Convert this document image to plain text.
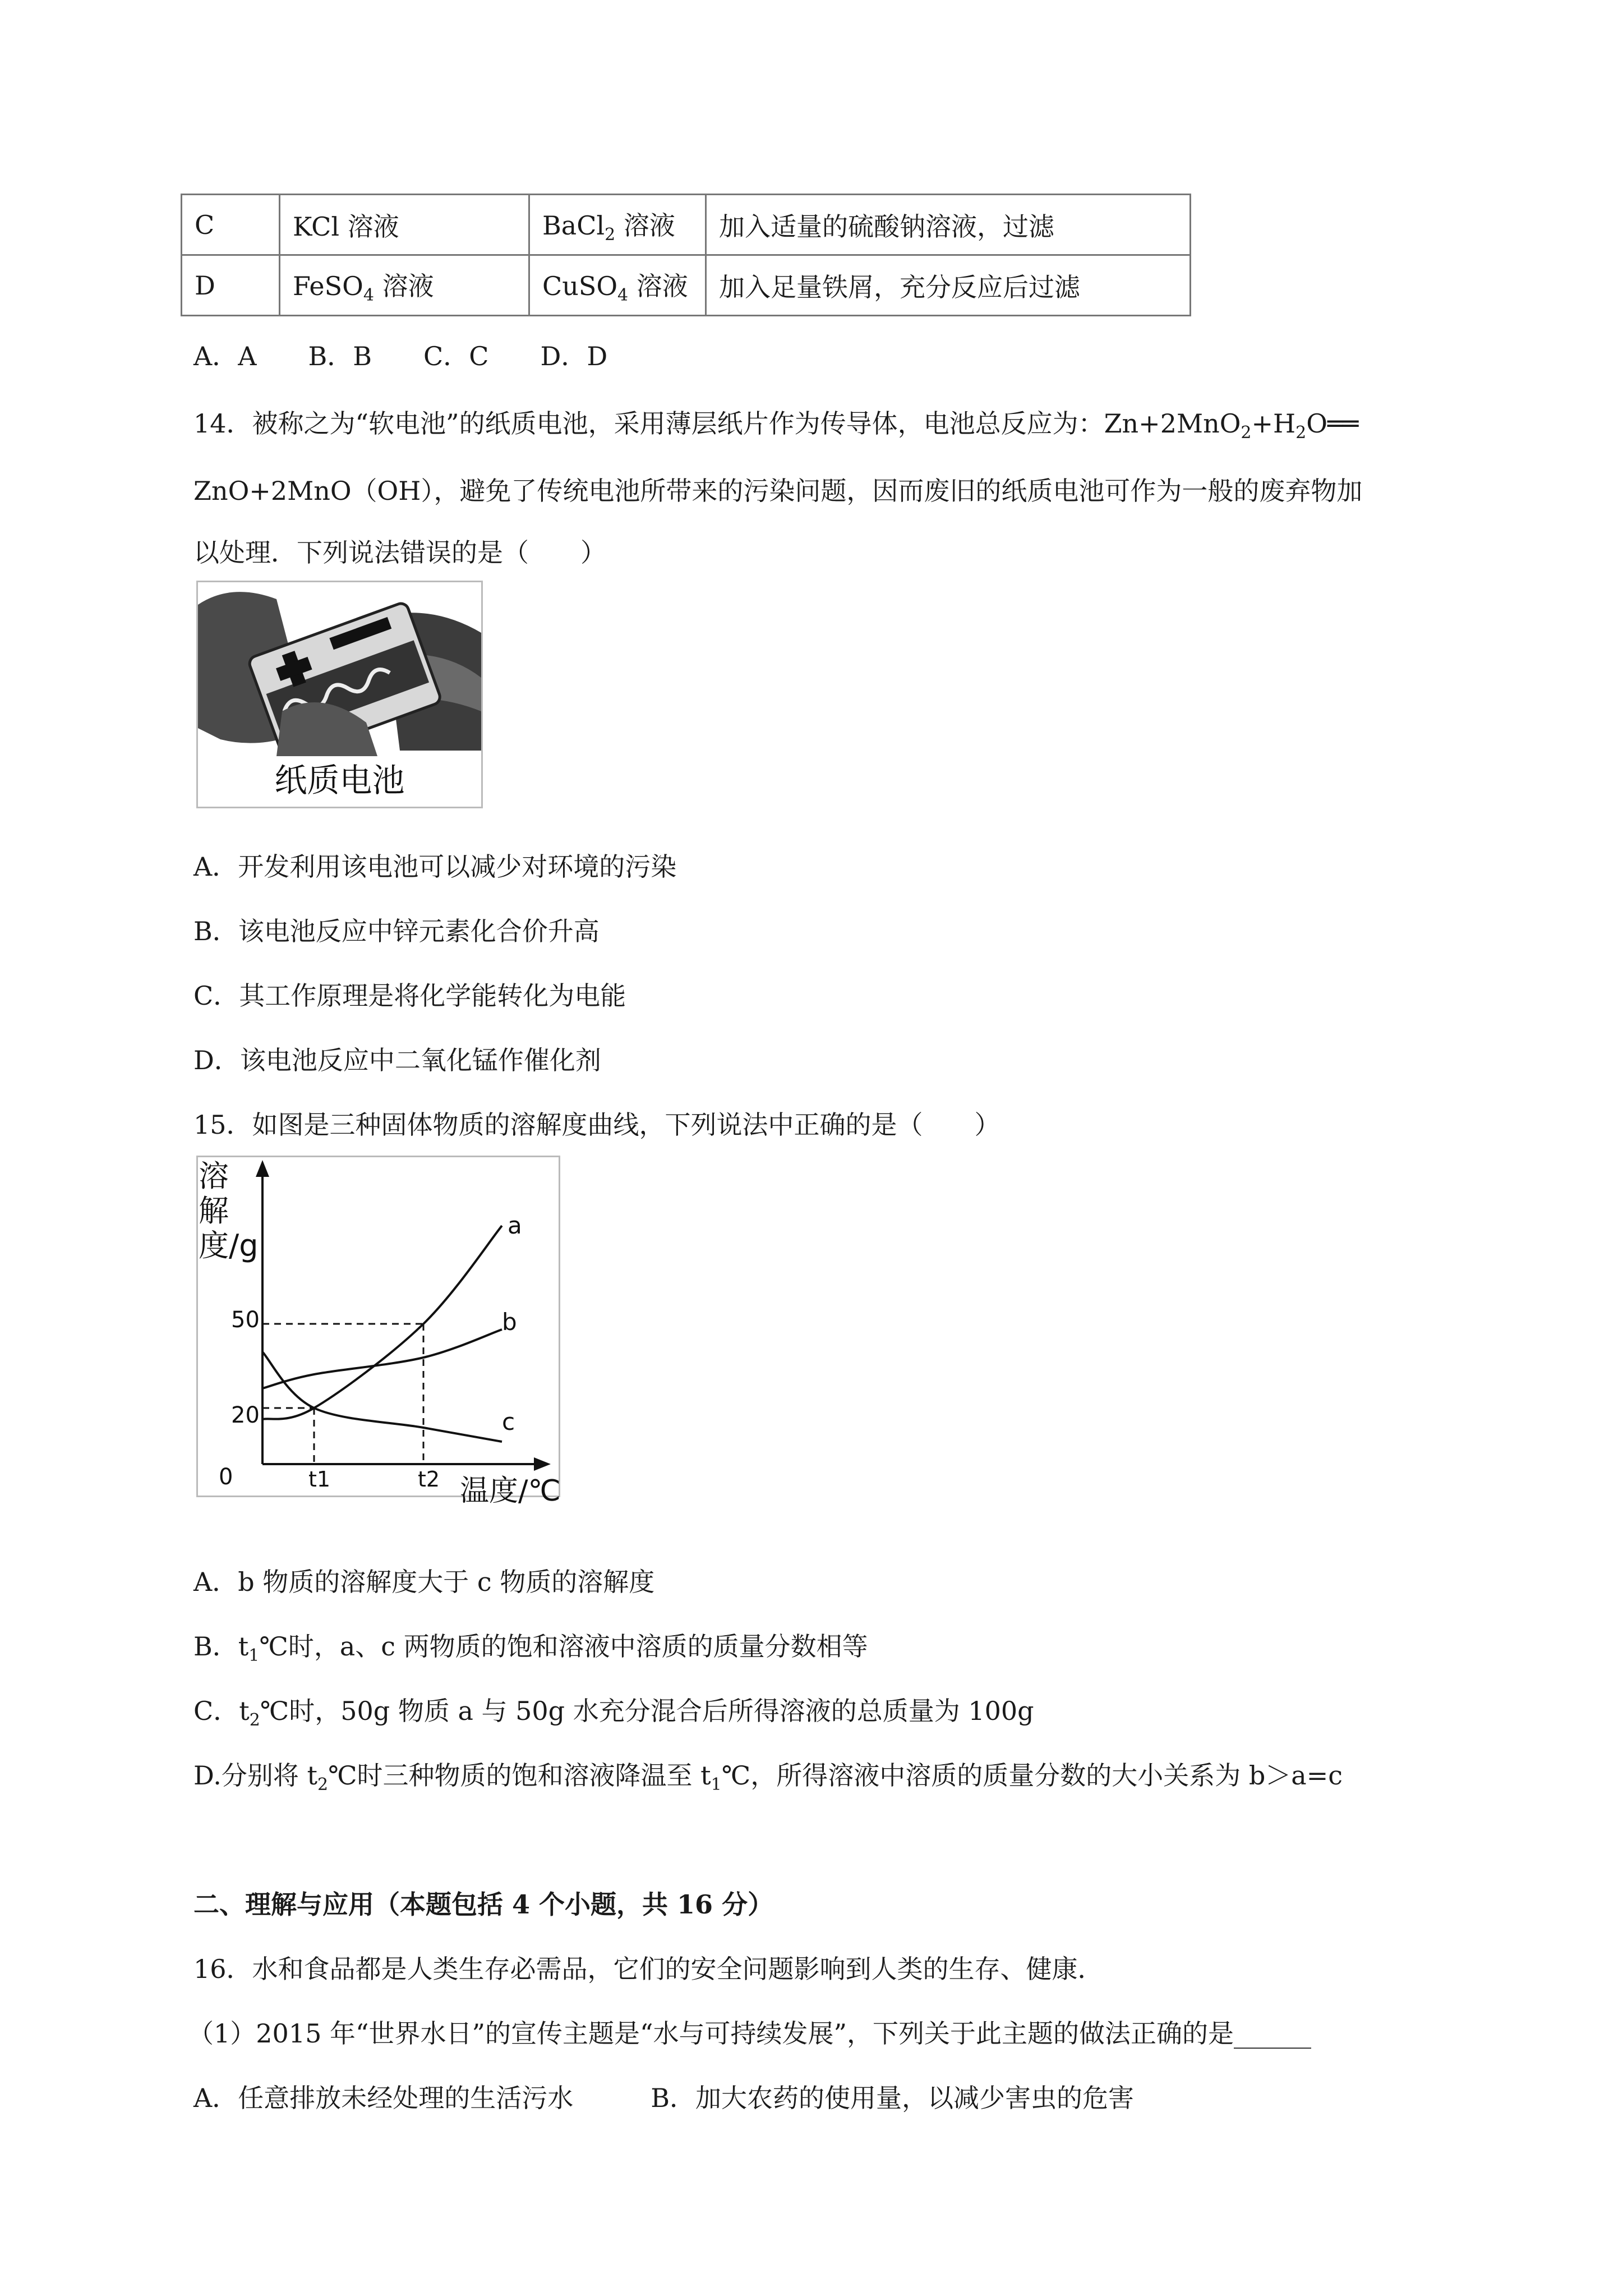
C	KCl 溶液	BaCl$_2$ 溶液	加入适量的硫酸钠溶液，过滤
D	FeSO$_4$ 溶液	CuSO$_4$ 溶液	加入足量铁屑，充分反应后过滤

A．A　　B．B　　C．C　　D．D

14．被称之为“软电池”的纸质电池，采用薄层纸片作为传导体，电池总反应为：$Zn+2MnO_2+H_2O══$

ZnO+2MnO（OH），避免了传统电池所带来的污染问题，因而废旧的纸质电池可作为一般的废弃物加

以处理．下列说法错误的是（　　）

纸质电池

A．开发利用该电池可以减少对环境的污染

B．该电池反应中锌元素化合价升高

C．其工作原理是将化学能转化为电能

D．该电池反应中二氧化锰作催化剂

15．如图是三种固体物质的溶解度曲线，下列说法中正确的是（　　）

溶解度/g
50
20
0	t1	t2 温度/℃
a
b
c

A．b 物质的溶解度大于 c 物质的溶解度

B．$t_1℃$时，a、c 两物质的饱和溶液中溶质的质量分数相等

C．$t_2℃$时，50g 物质 a 与 50g 水充分混合后所得溶液的总质量为 100g

D.分别将 $t_2℃$时三种物质的饱和溶液降温至 $t_1℃$，所得溶液中溶质的质量分数的大小关系为 b＞a=c

二、理解与应用（本题包括 4 个小题，共 16 分）

16．水和食品都是人类生存必需品，它们的安全问题影响到人类的生存、健康．

（1）2015 年“世界水日”的宣传主题是“水与可持续发展”，下列关于此主题的做法正确的是______

A．任意排放未经处理的生活污水　　　B．加大农药的使用量，以减少害虫的危害
